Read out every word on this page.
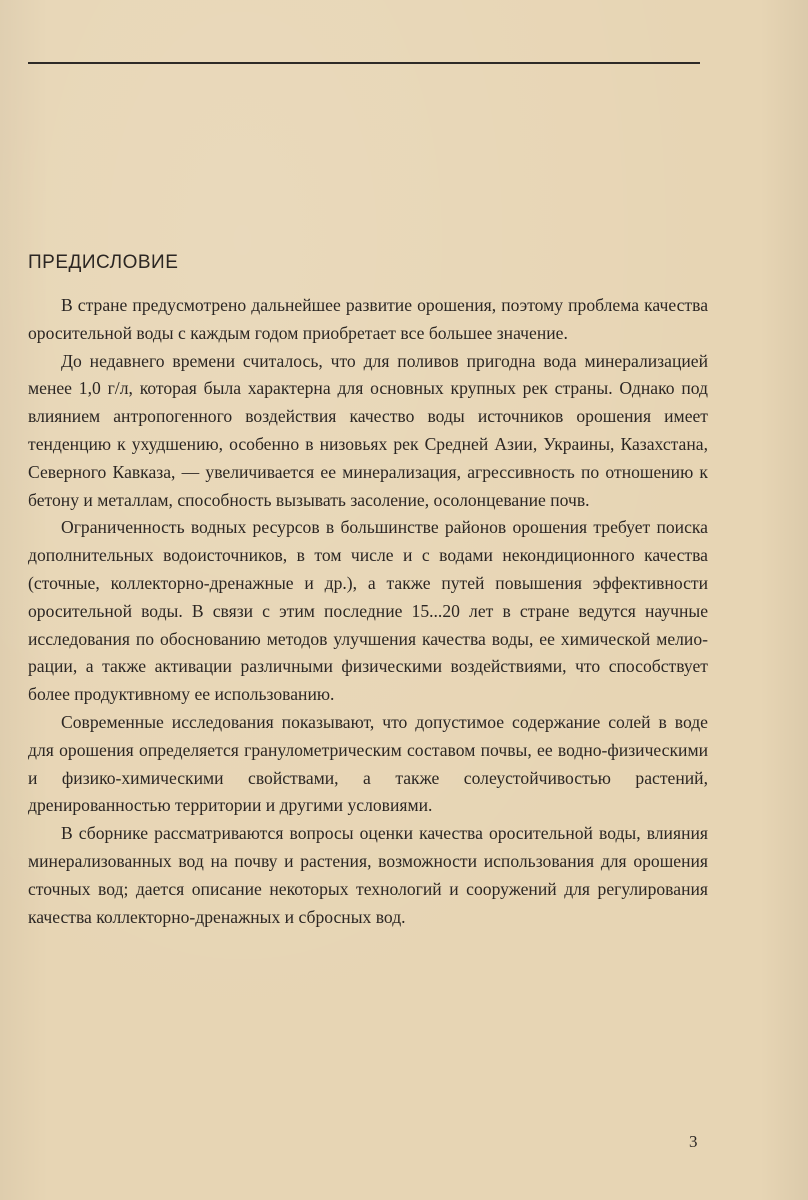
ПРЕДИСЛОВИЕ

В стране предусмотрено дальнейшее развитие орошения, поэтому проблема качества оросительной воды с каждым годом приобретает все большее значение.

До недавнего времени считалось, что для поливов пригодна вода минерализацией менее 1,0 г/л, которая была характерна для основных крупных рек страны. Однако под влиянием антропогенного воздействия качество воды источников орошения имеет тенденцию к ухудшению, особенно в низовьях рек Средней Азии, Украины, Казахстана, Северного Кавказа, — увеличивается ее минерализация, агрессивность по отношению к бетону и металлам, способность вызывать засоление, осолонцевание почв.

Ограниченность водных ресурсов в большинстве районов орошения требует поиска дополнительных водоисточников, в том числе и с водами некондиционного качества (сточные, коллекторно-дренажные и др.), а также путей повышения эффективности оросительной воды. В связи с этим последние 15...20 лет в стране ведутся научные исследования по обоснованию методов улучшения качества воды, ее химической мелиорации, а также активации различными физическими воздействиями, что способствует более продуктивному ее использованию.

Современные исследования показывают, что допустимое содержание солей в воде для орошения определяется гранулометрическим составом почвы, ее водно-физическими и физико-химическими свойствами, а также солеустойчивостью растений, дренированностью территории и другими условиями.

В сборнике рассматриваются вопросы оценки качества оросительной воды, влияния минерализованных вод на почву и растения, возможности использования для орошения сточных вод; дается описание некоторых технологий и сооружений для регулирования качества коллекторно-дренажных и сбросных вод.

3
